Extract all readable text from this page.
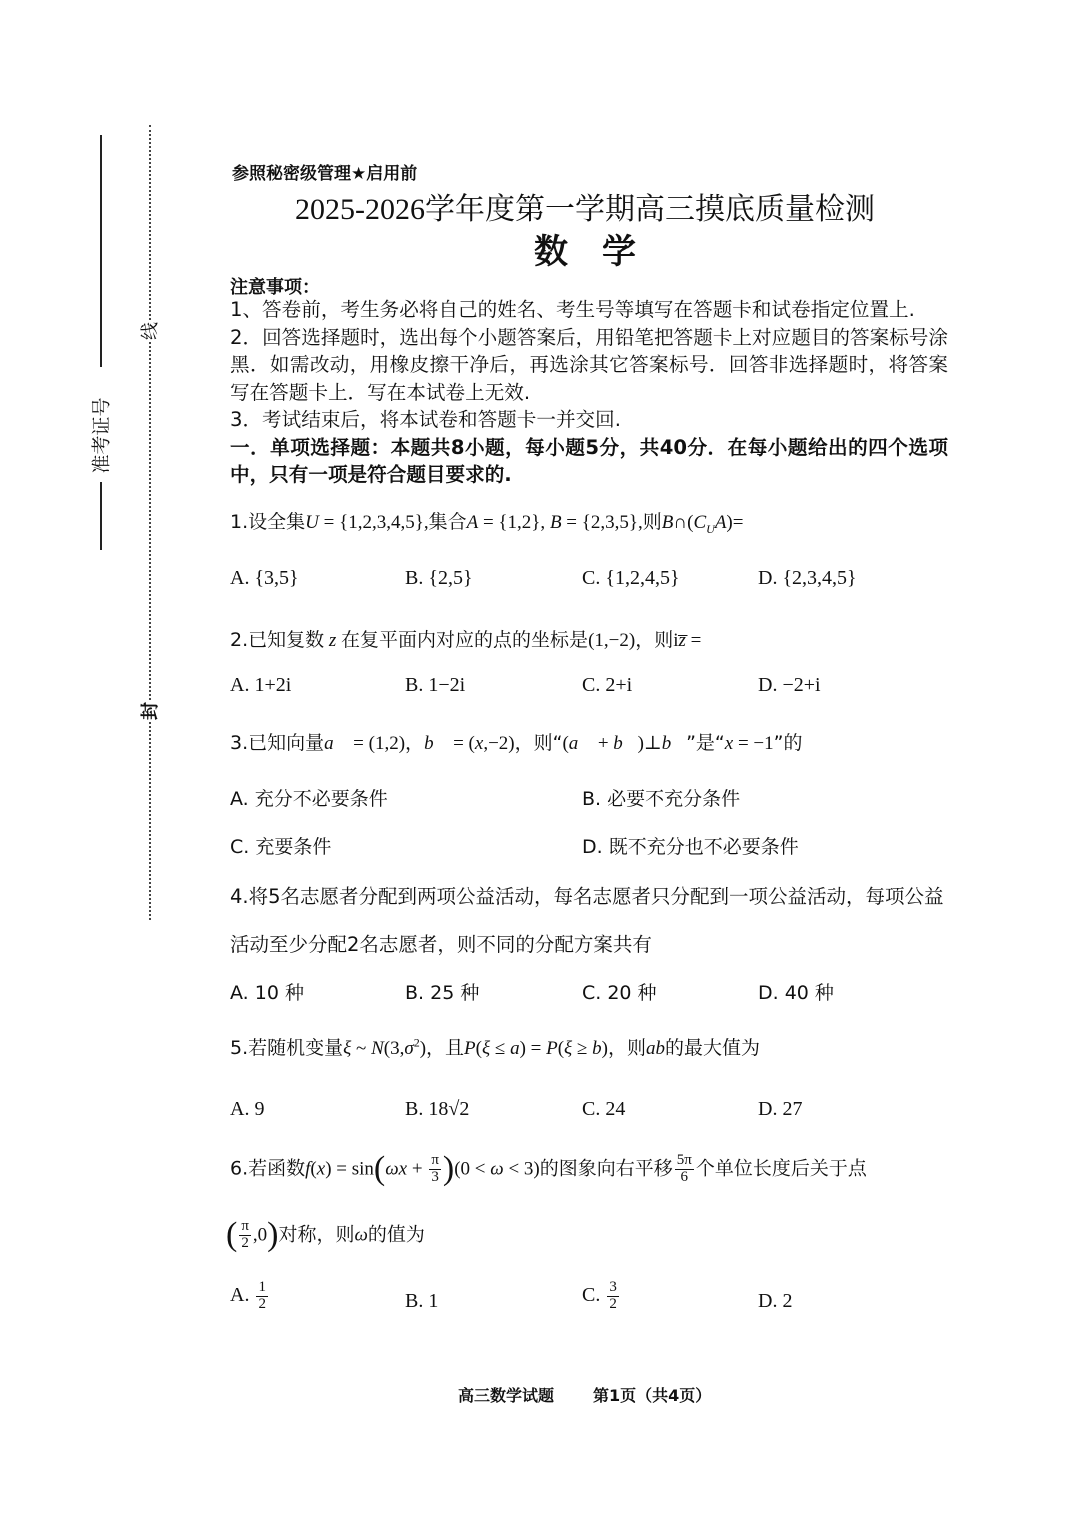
准考证号
线
封
参照秘密级管理★启用前
2025-2026学年度第一学期高三摸底质量检测
数　学
注意事项：
1、答卷前，考生务必将自己的姓名、考生号等填写在答题卡和试卷指定位置上.
2．回答选择题时，选出每个小题答案后，用铅笔把答题卡上对应题目的答案标号涂黑．如需改动，用橡皮擦干净后，再选涂其它答案标号．回答非选择题时，将答案写在答题卡上．写在本试卷上无效.
3．考试结束后，将本试卷和答题卡一并交回.
一．单项选择题：本题共8小题，每小题5分，共40分．在每小题给出的四个选项中，只有一项是符合题目要求的.
1.设全集U = {1,2,3,4,5},集合A = {1,2}, B = {2,3,5},则$B\cap(C_UA)=$
A. {3,5}	B. {2,5}	C. {1,2,4,5}	D. {2,3,4,5}
2.已知复数 z 在复平面内对应的点的坐标是(1,−2)，则iz̅ =
A. 1+2i	B. 1−2i	C. 2+i	D. −2+i
3.已知向量a⃗ = (1,2)，b⃗ = (x,−2)，则“(a⃗ + b⃗)⊥b⃗”是“x = −1”的
A. 充分不必要条件	B. 必要不充分条件
C. 充要条件	D. 既不充分也不必要条件
4.将5名志愿者分配到两项公益活动，每名志愿者只分配到一项公益活动，每项公益
活动至少分配2名志愿者，则不同的分配方案共有
A. 10 种	B. 25 种	C. 20 种	D. 40 种
5.若随机变量ξ ~ $N(3,\sigma^2)$，且P(ξ ≤ a) = P(ξ ≥ b)，则ab的最大值为
A. 9	B. 18√2	C. 24	D. 27
6.若函数$f(x) = \sin(\omega x + \frac{\pi}{3} )(0 < \omega < 3)$的图象向右平移 $\frac{5\pi}{6}$ 个单位长度后关于点
( $\frac{\pi}{2} ,0$)对称，则ω的值为
A. $\frac{1}{2}$	B. 1	C. $\frac{3}{2}$	D. 2
高三数学试题 第1页（共4页）
